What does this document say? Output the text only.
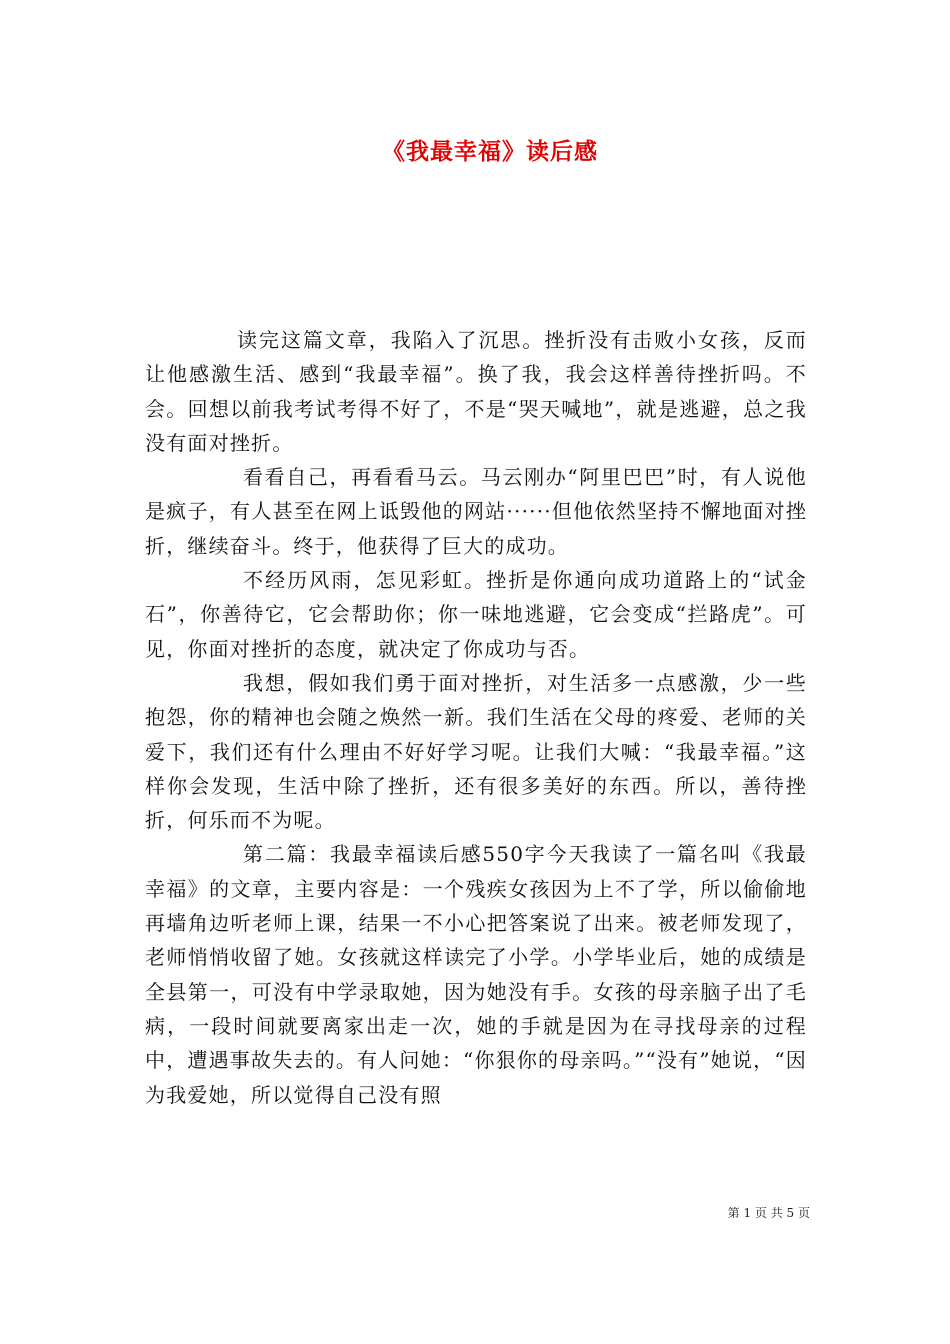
《我最幸福》读后感

读完这篇文章，我陷入了沉思。挫折没有击败小女孩，反而让他感激生活、感到“我最幸福”。换了我，我会这样善待挫折吗。不会。回想以前我考试考得不好了，不是“哭天喊地”，就是逃避，总之我没有面对挫折。

看看自己，再看看马云。马云刚办“阿里巴巴”时，有人说他是疯子，有人甚至在网上诋毁他的网站······但他依然坚持不懈地面对挫折，继续奋斗。终于，他获得了巨大的成功。

不经历风雨，怎见彩虹。挫折是你通向成功道路上的“试金石”，你善待它，它会帮助你；你一味地逃避，它会变成“拦路虎”。可见，你面对挫折的态度，就决定了你成功与否。

我想，假如我们勇于面对挫折，对生活多一点感激，少一些抱怨，你的精神也会随之焕然一新。我们生活在父母的疼爱、老师的关爱下，我们还有什么理由不好好学习呢。让我们大喊：“我最幸福。”这样你会发现，生活中除了挫折，还有很多美好的东西。所以，善待挫折，何乐而不为呢。

第二篇：我最幸福读后感550字今天我读了一篇名叫《我最幸福》的文章，主要内容是：一个残疾女孩因为上不了学，所以偷偷地再墙角边听老师上课，结果一不小心把答案说了出来。被老师发现了，老师悄悄收留了她。女孩就这样读完了小学。小学毕业后，她的成绩是全县第一，可没有中学录取她，因为她没有手。女孩的母亲脑子出了毛病，一段时间就要离家出走一次，她的手就是因为在寻找母亲的过程中，遭遇事故失去的。有人问她：“你狠你的母亲吗。”“没有”她说，“因为我爱她，所以觉得自己没有照

第 1 页 共 5 页
